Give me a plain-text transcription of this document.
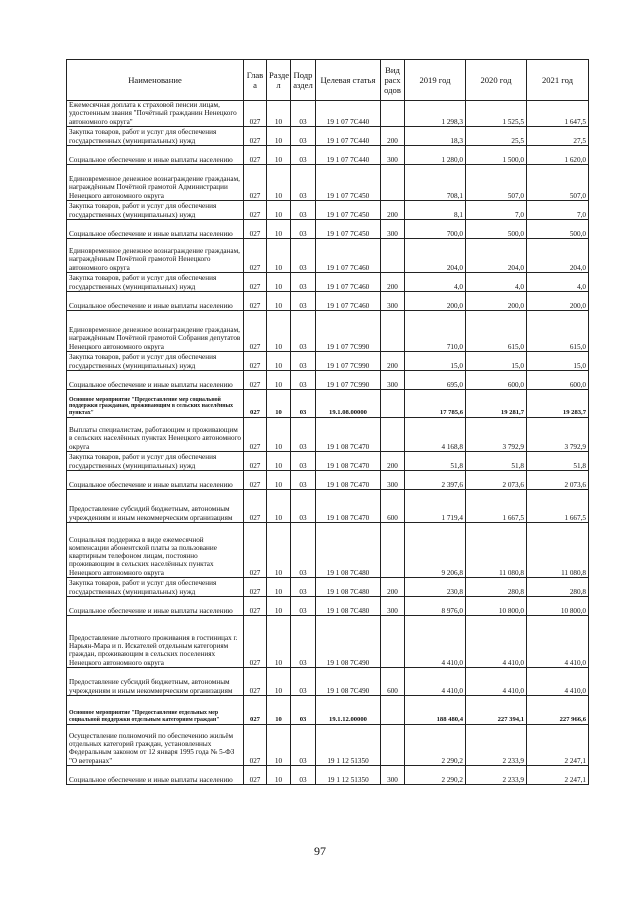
Наименование	Глав а	Разде л	Подр аздел	Целевая статья	Вид расх одов	2019 год	2020 год	2021 год
Ежемесячная доплата к страховой пенсии лицам, удостоенным звания "Почётный гражданин Ненецкого автономного округа"	027	10	03	19 1 07 7С440		1 298,3	1 525,5	1 647,5
Закупка товаров, работ и услуг для обеспечения государственных (муниципальных) нужд	027	10	03	19 1 07 7С440	200	18,3	25,5	27,5
Социальное обеспечение и иные выплаты населению	027	10	03	19 1 07 7С440	300	1 280,0	1 500,0	1 620,0
Единовременное денежное вознаграждение гражданам, награждённым Почётной грамотой Администрации Ненецкого автономного округа	027	10	03	19 1 07 7С450		708,1	507,0	507,0
Закупка товаров, работ и услуг для обеспечения государственных (муниципальных) нужд	027	10	03	19 1 07 7С450	200	8,1	7,0	7,0
Социальное обеспечение и иные выплаты населению	027	10	03	19 1 07 7С450	300	700,0	500,0	500,0
Единовременное денежное вознаграждение гражданам, награждённым Почётной грамотой Ненецкого автономного округа	027	10	03	19 1 07 7С460		204,0	204,0	204,0
Закупка товаров, работ и услуг для обеспечения государственных (муниципальных) нужд	027	10	03	19 1 07 7С460	200	4,0	4,0	4,0
Социальное обеспечение и иные выплаты населению	027	10	03	19 1 07 7С460	300	200,0	200,0	200,0
Единовременное денежное вознаграждение гражданам, награждённым Почётной грамотой Собрания депутатов Ненецкого автономного округа	027	10	03	19 1 07 7С990		710,0	615,0	615,0
Закупка товаров, работ и услуг для обеспечения государственных (муниципальных) нужд	027	10	03	19 1 07 7С990	200	15,0	15,0	15,0
Социальное обеспечение и иные выплаты населению	027	10	03	19 1 07 7С990	300	695,0	600,0	600,0
Основное мероприятие "Предоставление мер социальной поддержки гражданам, проживающим в сельских населённых пунктах"	027	10	03	19.1.08.00000		17 785,6	19 281,7	19 283,7
Выплаты специалистам, работающим и проживающим в сельских населённых пунктах Ненецкого автономного округа	027	10	03	19 1 08 7С470		4 168,8	3 792,9	3 792,9
Закупка товаров, работ и услуг для обеспечения государственных (муниципальных) нужд	027	10	03	19 1 08 7С470	200	51,8	51,8	51,8
Социальное обеспечение и иные выплаты населению	027	10	03	19 1 08 7С470	300	2 397,6	2 073,6	2 073,6
Предоставление субсидий бюджетным, автономным учреждениям и иным некоммерческим организациям	027	10	03	19 1 08 7С470	600	1 719,4	1 667,5	1 667,5
Социальная поддержка в виде ежемесячной компенсации абонентской платы за пользование квартирным телефоном лицам, постоянно проживающим в сельских населённых пунктах Ненецкого автономного округа	027	10	03	19 1 08 7С480		9 206,8	11 080,8	11 080,8
Закупка товаров, работ и услуг для обеспечения государственных (муниципальных) нужд	027	10	03	19 1 08 7С480	200	230,8	280,8	280,8
Социальное обеспечение и иные выплаты населению	027	10	03	19 1 08 7С480	300	8 976,0	10 800,0	10 800,0
Предоставление льготного проживания в гостиницах г. Нарьян-Мара и п. Искателей отдельным категориям граждан, проживающим в сельских поселениях Ненецкого автономного округа	027	10	03	19 1 08 7С490		4 410,0	4 410,0	4 410,0
Предоставление субсидий бюджетным, автономным учреждениям и иным некоммерческим организациям	027	10	03	19 1 08 7С490	600	4 410,0	4 410,0	4 410,0
Основное мероприятие "Предоставление отдельных мер социальной поддержки отдельным категориям граждан"	027	10	03	19.1.12.00000		188 480,4	227 394,1	227 966,6
Осуществление полномочий по обеспечению жильём отдельных категорий граждан, установленных Федеральным законом от 12 января 1995 года № 5-ФЗ "О ветеранах"	027	10	03	19 1 12 51350		2 290,2	2 233,9	2 247,1
Социальное обеспечение и иные выплаты населению	027	10	03	19 1 12 51350	300	2 290,2	2 233,9	2 247,1
97
